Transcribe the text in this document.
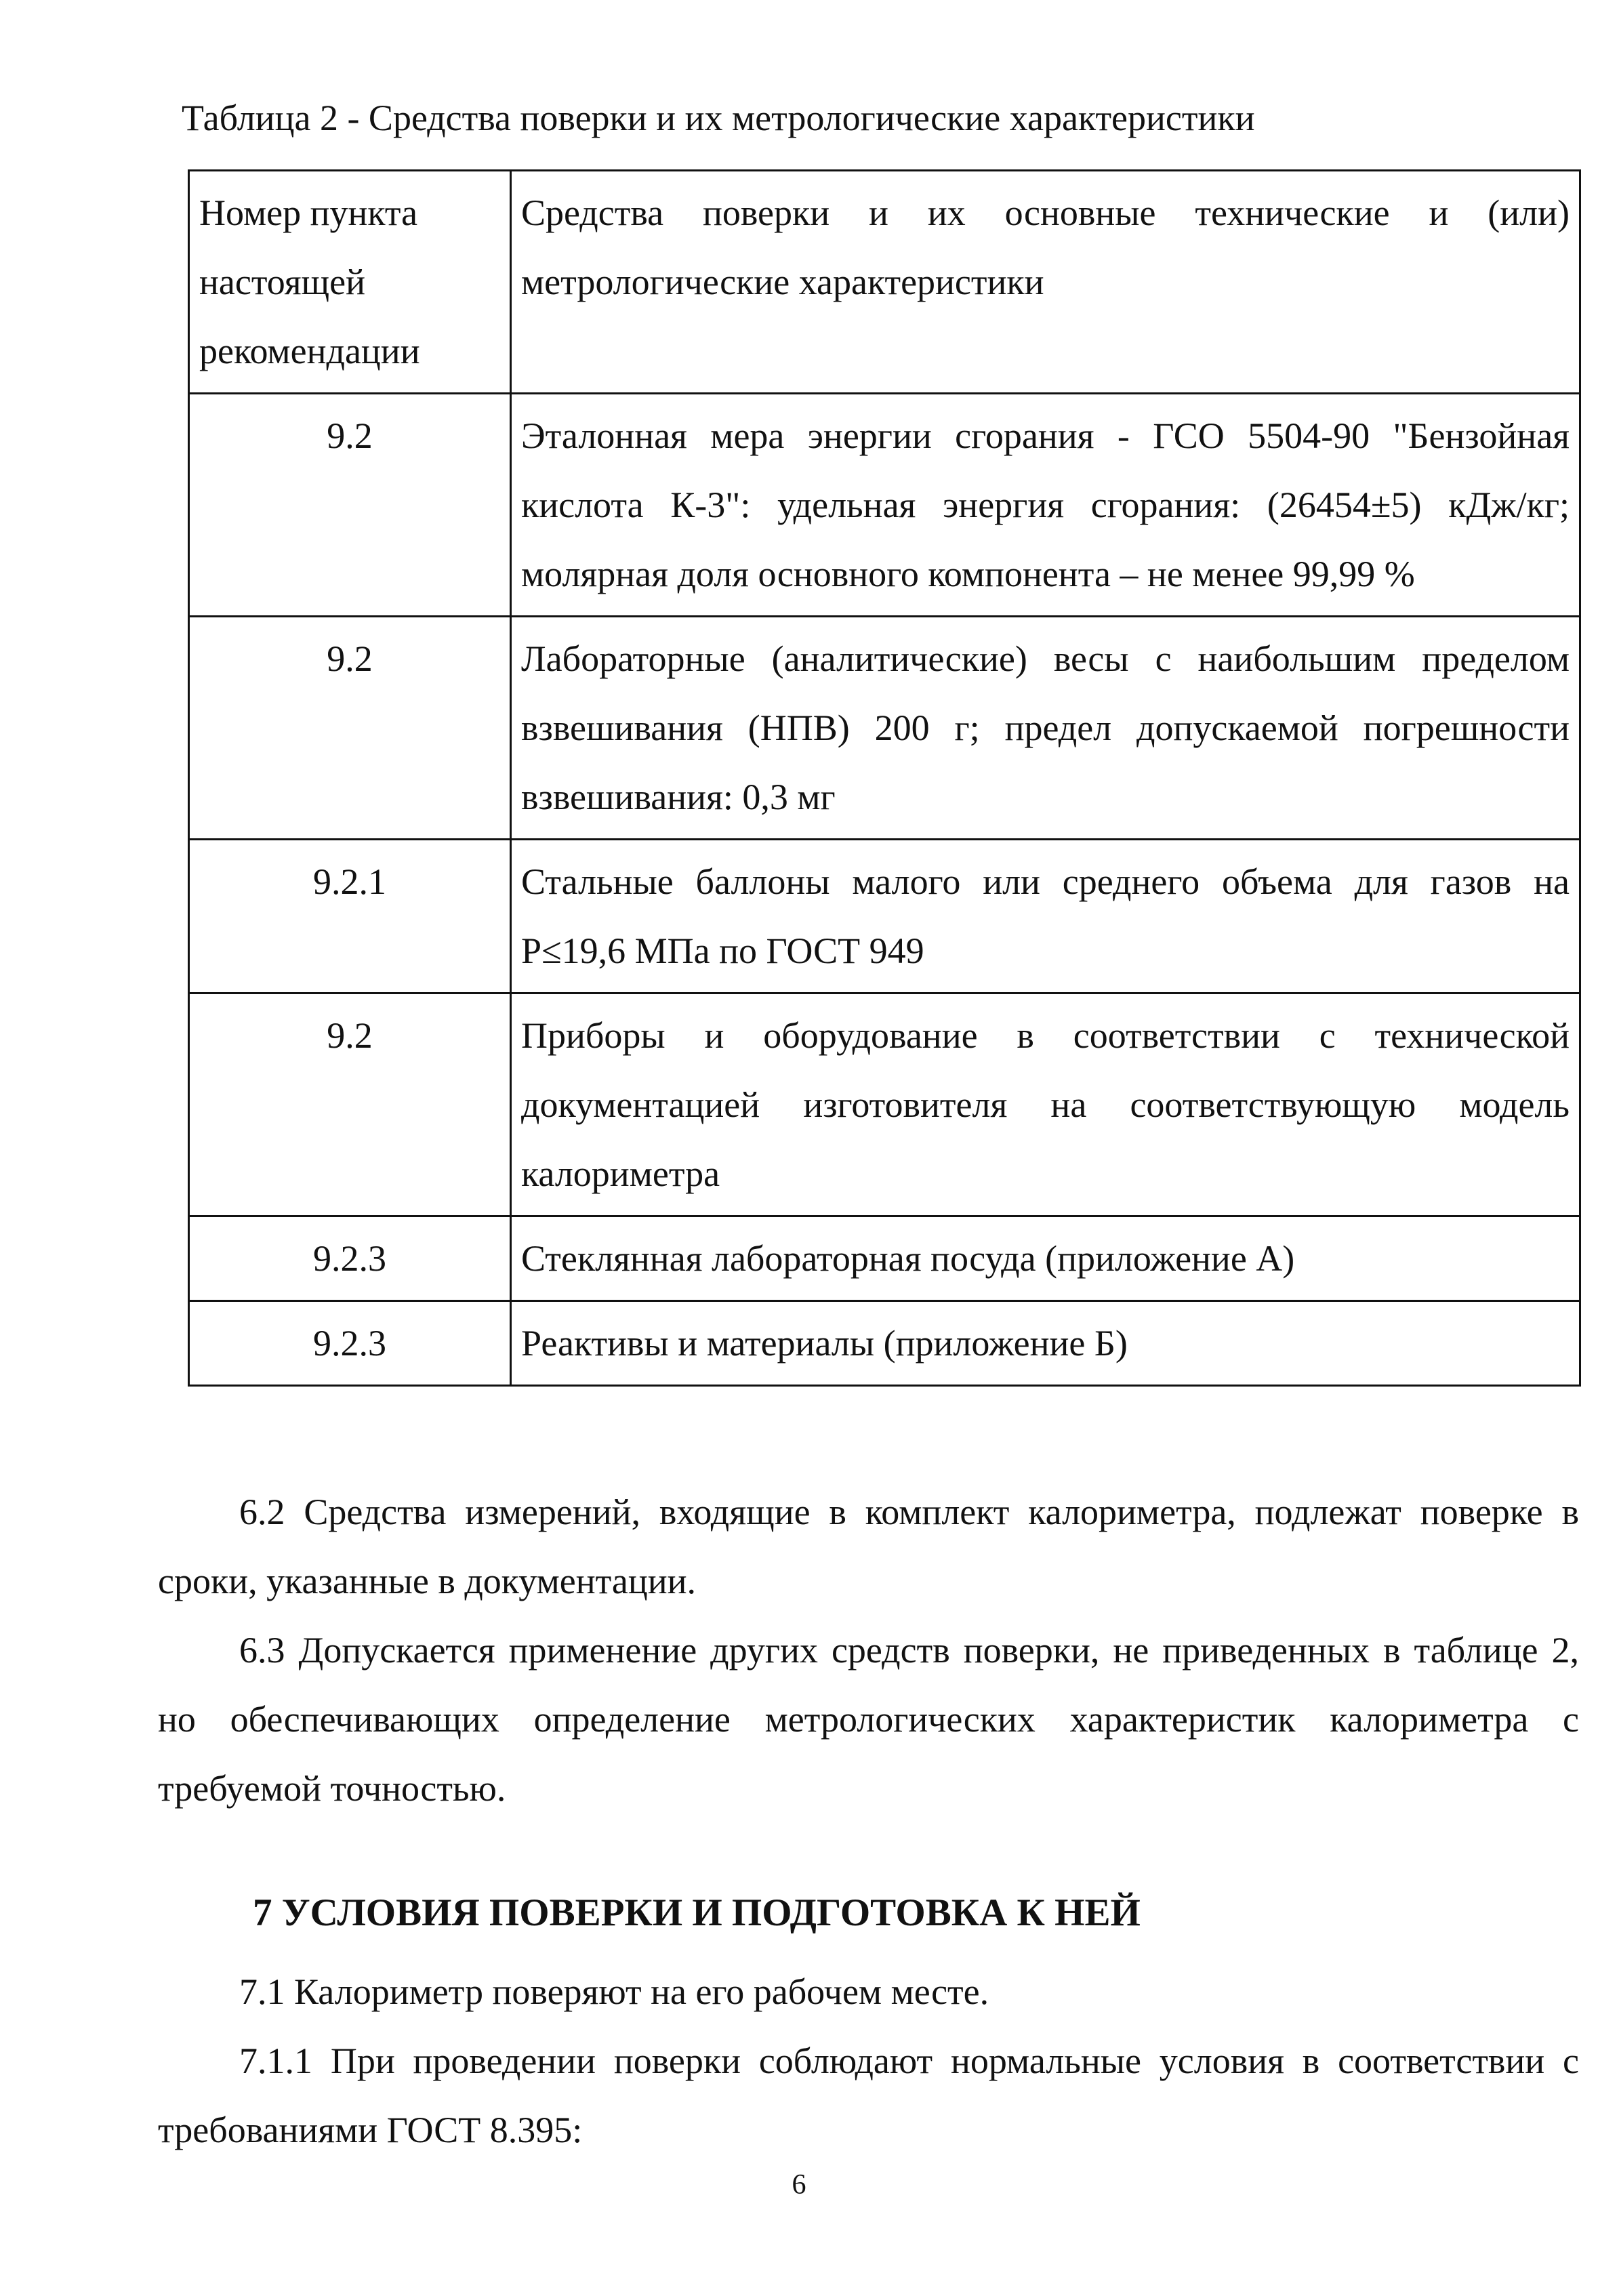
Таблица 2 - Средства поверки и их метрологические характеристики
Номер пункта настоящей рекомендации	Средства поверки и их основные технические и (или) метрологические характеристики
9.2	Эталонная мера энергии сгорания - ГСО 5504-90 "Бензойная кислота К-3": удельная энергия сгорания: (26454±5) кДж/кг; молярная доля основного компонента – не менее 99,99 %
9.2	Лабораторные (аналитические) весы с наибольшим пределом взвешивания (НПВ) 200 г; предел допускаемой погрешности взвешивания: 0,3 мг
9.2.1	Стальные баллоны малого или среднего объема для газов на Р≤19,6 МПа по ГОСТ 949
9.2	Приборы и оборудование в соответствии с технической документацией изготовителя на соответствующую модель калориметра
9.2.3	Стеклянная лабораторная посуда (приложение А)
9.2.3	Реактивы и материалы (приложение Б)

6.2 Средства измерений, входящие в комплект калориметра, подлежат поверке в сроки, указанные в документации.

6.3 Допускается применение других средств поверки, не приведенных в таблице 2, но обеспечивающих определение метрологических характеристик калориметра с требуемой точностью.

7 УСЛОВИЯ ПОВЕРКИ И ПОДГОТОВКА К НЕЙ

7.1 Калориметр поверяют на его рабочем месте.

7.1.1 При проведении поверки соблюдают нормальные условия в соответствии с требованиями ГОСТ 8.395:

6
